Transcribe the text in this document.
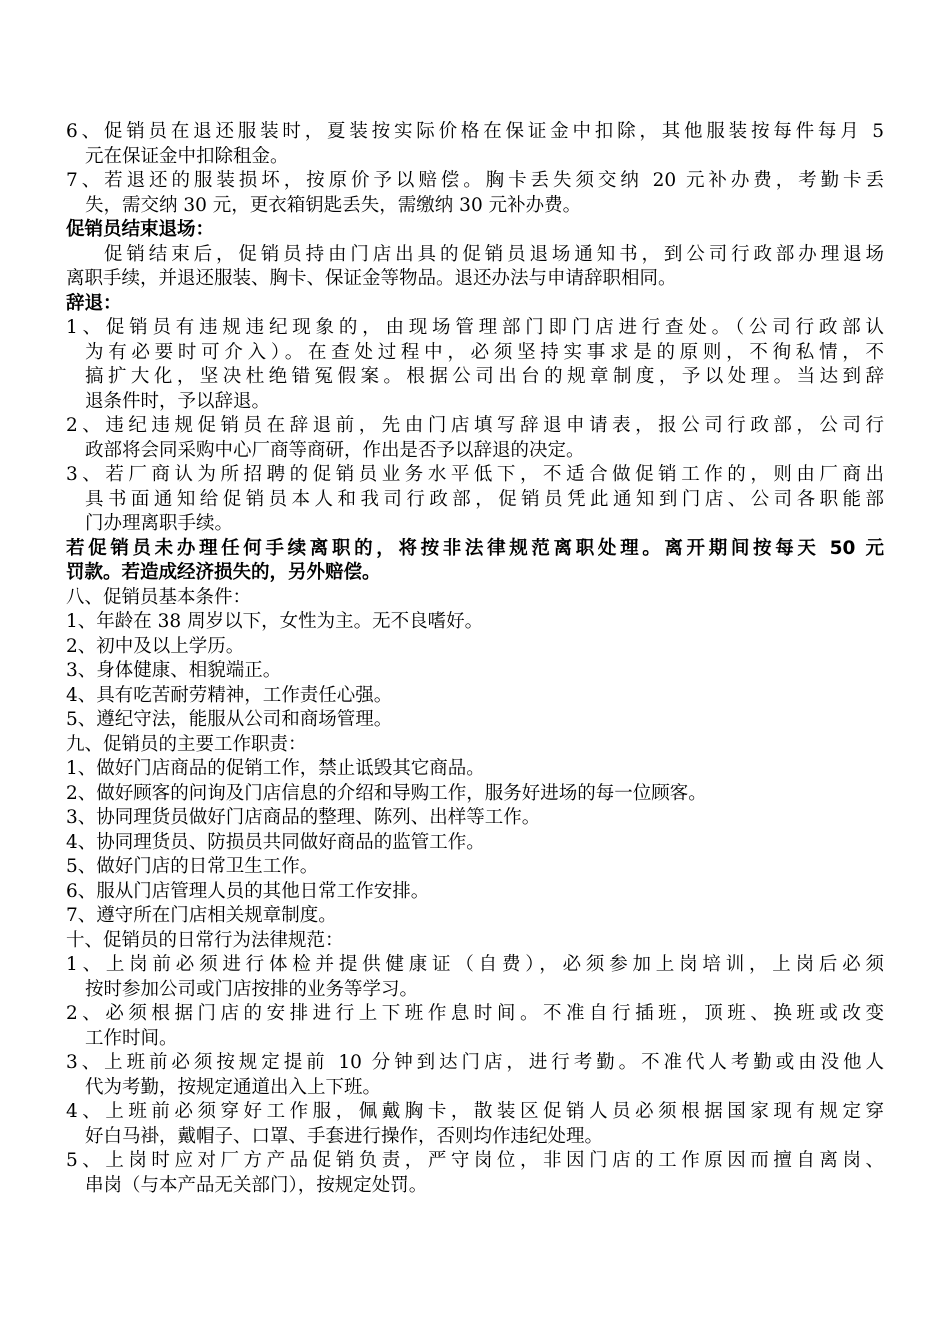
6、促销员在退还服装时，夏装按实际价格在保证金中扣除，其他服装按每件每月 5
元在保证金中扣除租金。
7、若退还的服装损坏，按原价予以赔偿。胸卡丢失须交纳 20 元补办费，考勤卡丢
失，需交纳 30 元，更衣箱钥匙丢失，需缴纳 30 元补办费。
促销员结束退场：
促销结束后，促销员持由门店出具的促销员退场通知书，到公司行政部办理退场
离职手续，并退还服装、胸卡、保证金等物品。退还办法与申请辞职相同。
辞退：
1、促销员有违规违纪现象的，由现场管理部门即门店进行查处。（公司行政部认
为有必要时可介入）。在查处过程中，必须坚持实事求是的原则，不徇私情，不
搞扩大化，坚决杜绝错冤假案。根据公司出台的规章制度，予以处理。当达到辞
退条件时，予以辞退。
2、违纪违规促销员在辞退前，先由门店填写辞退申请表，报公司行政部，公司行
政部将会同采购中心厂商等商研，作出是否予以辞退的决定。
3、若厂商认为所招聘的促销员业务水平低下，不适合做促销工作的，则由厂商出
具书面通知给促销员本人和我司行政部，促销员凭此通知到门店、公司各职能部
门办理离职手续。
若促销员未办理任何手续离职的，将按非法律规范离职处理。离开期间按每天 50 元
罚款。若造成经济损失的，另外赔偿。
八、促销员基本条件：
1、年龄在 38 周岁以下，女性为主。无不良嗜好。
2、初中及以上学历。
3、身体健康、相貌端正。
4、具有吃苦耐劳精神，工作责任心强。
5、遵纪守法，能服从公司和商场管理。
九、促销员的主要工作职责：
1、做好门店商品的促销工作，禁止诋毁其它商品。
2、做好顾客的问询及门店信息的介绍和导购工作，服务好进场的每一位顾客。
3、协同理货员做好门店商品的整理、陈列、出样等工作。
4、协同理货员、防损员共同做好商品的监管工作。
5、做好门店的日常卫生工作。
6、服从门店管理人员的其他日常工作安排。
7、遵守所在门店相关规章制度。
十、促销员的日常行为法律规范：
1、上岗前必须进行体检并提供健康证（自费），必须参加上岗培训，上岗后必须
按时参加公司或门店按排的业务等学习。
2、必须根据门店的安排进行上下班作息时间。不准自行插班，顶班、换班或改变
工作时间。
3、上班前必须按规定提前 10 分钟到达门店，进行考勤。不准代人考勤或由没他人
代为考勤，按规定通道出入上下班。
4、上班前必须穿好工作服，佩戴胸卡，散装区促销人员必须根据国家现有规定穿
好白马褂，戴帽子、口罩、手套进行操作，否则均作违纪处理。
5、上岗时应对厂方产品促销负责，严守岗位，非因门店的工作原因而擅自离岗、
串岗（与本产品无关部门），按规定处罚。
